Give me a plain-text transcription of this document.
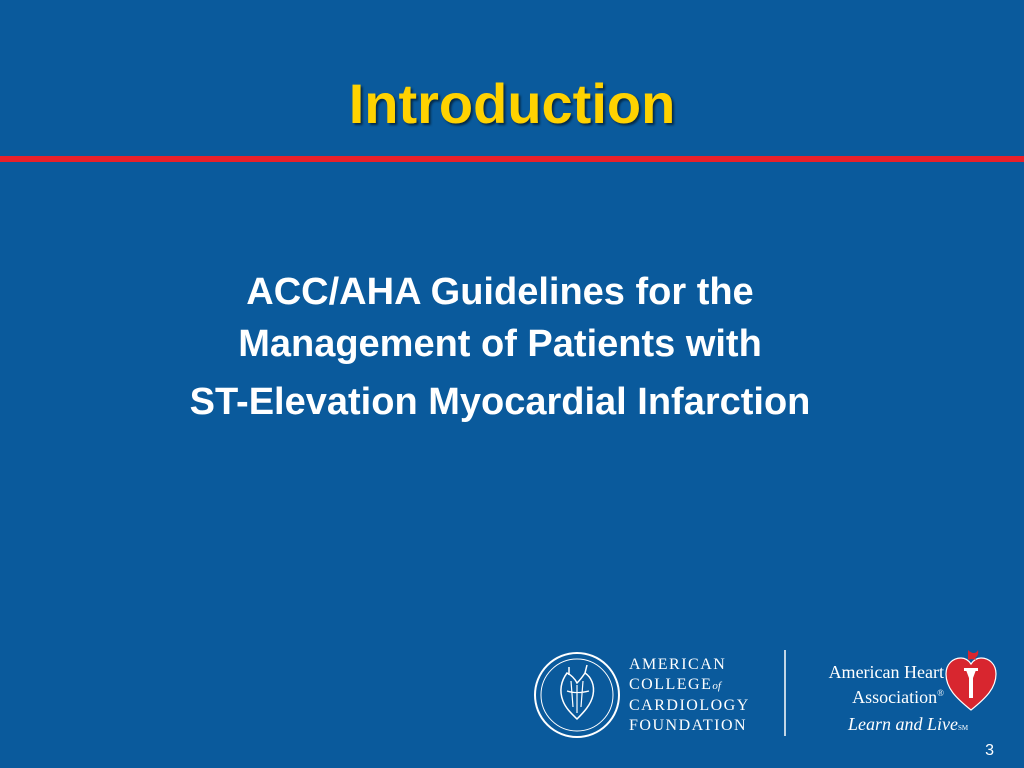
Introduction
ACC/AHA Guidelines for the
Management of Patients with
ST-Elevation Myocardial Infarction
AMERICAN
COLLEGEof
CARDIOLOGY
FOUNDATION
American Heart
Association®
Learn and LiveSM
3
